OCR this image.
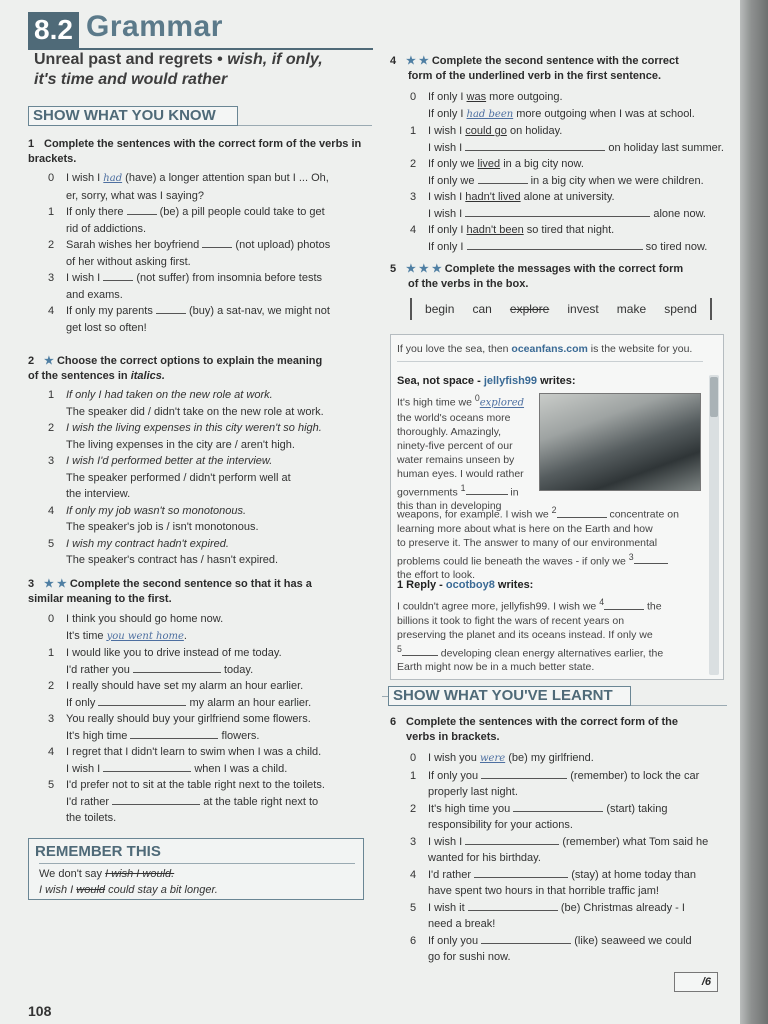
8.2 Grammar
Unreal past and regrets • wish, if only,
it's time and would rather
SHOW WHAT YOU KNOW
1 Complete the sentences with the correct form of the verbs in brackets.
0 I wish I had (have) a longer attention span but I ... Oh,
er, sorry, what was I saying?
1 If only there	(be) a pill people could take to get
rid of addictions.
2 Sarah wishes her boyfriend	(not upload) photos
of her without asking first.
3 I wish I	(not suffer) from insomnia before tests
and exams.
4 If only my parents	(buy) a sat-nav, we might not
get lost so often!
2 ★ Choose the correct options to explain the meaning
of the sentences in italics.
1 If only I had taken on the new role at work.
The speaker did / didn't take on the new role at work.
2 I wish the living expenses in this city weren't so high.
The living expenses in the city are / aren't high.
3 I wish I'd performed better at the interview.
The speaker performed / didn't perform well at
the interview.
4 If only my job wasn't so monotonous.
The speaker's job is / isn't monotonous.
5 I wish my contract hadn't expired.
The speaker's contract has / hasn't expired.
3 ★ ★ Complete the second sentence so that it has a
similar meaning to the first.
0 I think you should go home now.
It's time you went home.
1 I would like you to drive instead of me today.
I'd rather you	today.
2 I really should have set my alarm an hour earlier.
If only	my alarm an hour earlier.
3 You really should buy your girlfriend some flowers.
It's high time	flowers.
4 I regret that I didn't learn to swim when I was a child.
I wish I	when I was a child.
5 I'd prefer not to sit at the table right next to the toilets.
I'd rather	at the table right next to
the toilets.
REMEMBER THIS
We don't say I wish I would.
I wish I would could stay a bit longer.
4 ★ ★ Complete the second sentence with the correct
form of the underlined verb in the first sentence.
0 If only I was more outgoing.
If only I had been more outgoing when I was at school.
1 I wish I could go on holiday.
I wish I	on holiday last summer.
2 If only we lived in a big city now.
If only we	in a big city when we were children.
3 I wish I hadn't lived alone at university.
I wish I	alone now.
4 If only I hadn't been so tired that night.
If only I	so tired now.
5 ★ ★ ★ Complete the messages with the correct form
of the verbs in the box.
begin can explore invest make spend
If you love the sea, then oceanfans.com is the website for you.
Sea, not space - jellyfish99 writes:
It's high time we $^0$explored
the world's oceans more
thoroughly. Amazingly,
ninety-five percent of our
water remains unseen by
human eyes. I would rather
governments $^1$	in
this than in developing
weapons, for example. I wish we $^2$	concentrate on
learning more about what is here on the Earth and how
to preserve it. The answer to many of our environmental
problems could lie beneath the waves - if only we $^3$
the effort to look.
1 Reply - ocotboy8 writes:
I couldn't agree more, jellyfish99. I wish we $^4$	the
billions it took to fight the wars of recent years on
preserving the planet and its oceans instead. If only we
$^5$	developing clean energy alternatives earlier, the
Earth might now be in a much better state.
SHOW WHAT YOU'VE LEARNT
6 Complete the sentences with the correct form of the
verbs in brackets.
0 I wish you were (be) my girlfriend.
1 If only you	(remember) to lock the car
properly last night.
2 It's high time you	(start) taking
responsibility for your actions.
3 I wish I	(remember) what Tom said he
wanted for his birthday.
4 I'd rather	(stay) at home today than
have spent two hours in that horrible traffic jam!
5 I wish it	(be) Christmas already - I
need a break!
6 If only you	(like) seaweed we could
go for sushi now.
/6
108
